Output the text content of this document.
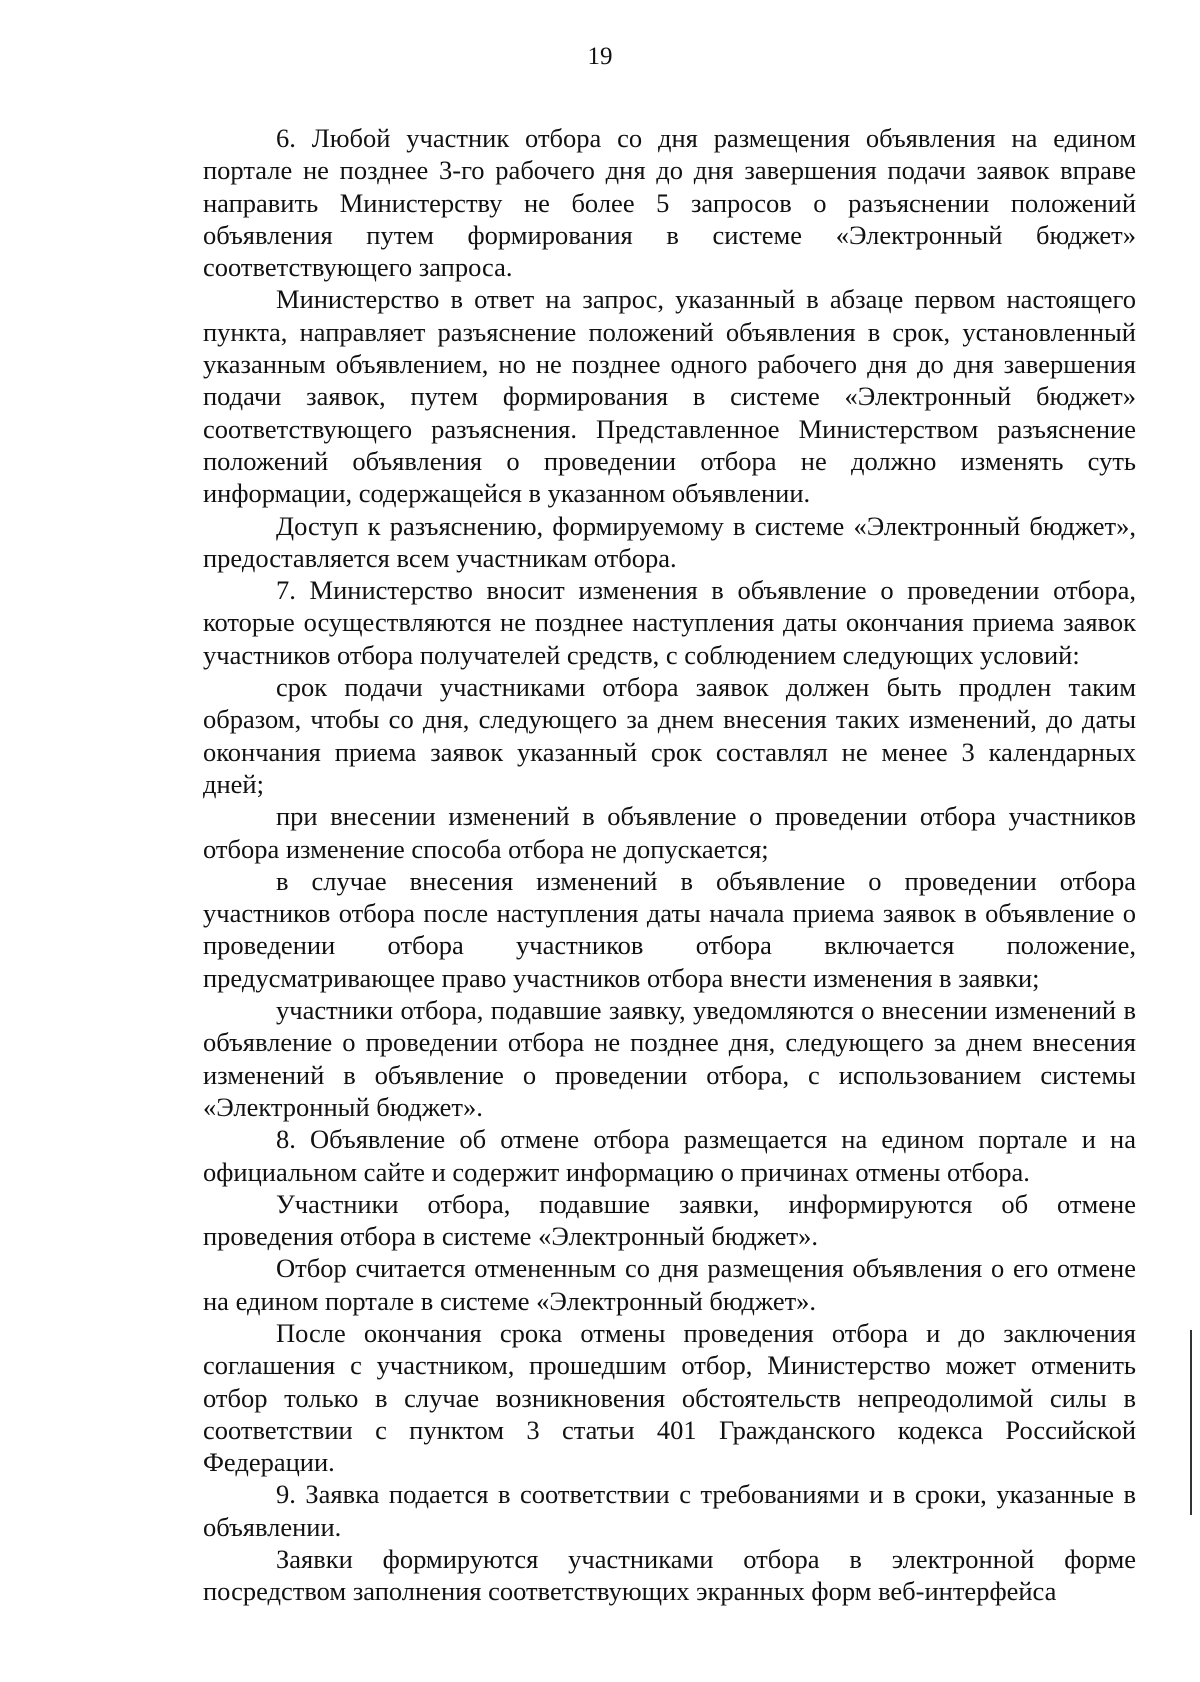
19

6. Любой участник отбора со дня размещения объявления на едином портале не позднее 3-го рабочего дня до дня завершения подачи заявок вправе направить Министерству не более 5 запросов о разъяснении положений объявления путем формирования в системе «Электронный бюджет» соответствующего запроса.

Министерство в ответ на запрос, указанный в абзаце первом настоящего пункта, направляет разъяснение положений объявления в срок, установленный указанным объявлением, но не позднее одного рабочего дня до дня завершения подачи заявок, путем формирования в системе «Электронный бюджет» соответствующего разъяснения. Представленное Министерством разъяснение положений объявления о проведении отбора не должно изменять суть информации, содержащейся в указанном объявлении.

Доступ к разъяснению, формируемому в системе «Электронный бюджет», предоставляется всем участникам отбора.

7. Министерство вносит изменения в объявление о проведении отбора, которые осуществляются не позднее наступления даты окончания приема заявок участников отбора получателей средств, с соблюдением следующих условий:

срок подачи участниками отбора заявок должен быть продлен таким образом, чтобы со дня, следующего за днем внесения таких изменений, до даты окончания приема заявок указанный срок составлял не менее 3 календарных дней;

при внесении изменений в объявление о проведении отбора участников отбора изменение способа отбора не допускается;

в случае внесения изменений в объявление о проведении отбора участников отбора после наступления даты начала приема заявок в объявление о проведении отбора участников отбора включается положение, предусматривающее право участников отбора внести изменения в заявки;

участники отбора, подавшие заявку, уведомляются о внесении изменений в объявление о проведении отбора не позднее дня, следующего за днем внесения изменений в объявление о проведении отбора, с использованием системы «Электронный бюджет».

8. Объявление об отмене отбора размещается на едином портале и на официальном сайте и содержит информацию о причинах отмены отбора.

Участники отбора, подавшие заявки, информируются об отмене проведения отбора в системе «Электронный бюджет».

Отбор считается отмененным со дня размещения объявления о его отмене на едином портале в системе «Электронный бюджет».

После окончания срока отмены проведения отбора и до заключения соглашения с участником, прошедшим отбор, Министерство может отменить отбор только в случае возникновения обстоятельств непреодолимой силы в соответствии с пунктом 3 статьи 401 Гражданского кодекса Российской Федерации.

9. Заявка подается в соответствии с требованиями и в сроки, указанные в объявлении.

Заявки формируются участниками отбора в электронной форме посредством заполнения соответствующих экранных форм веб-интерфейса
